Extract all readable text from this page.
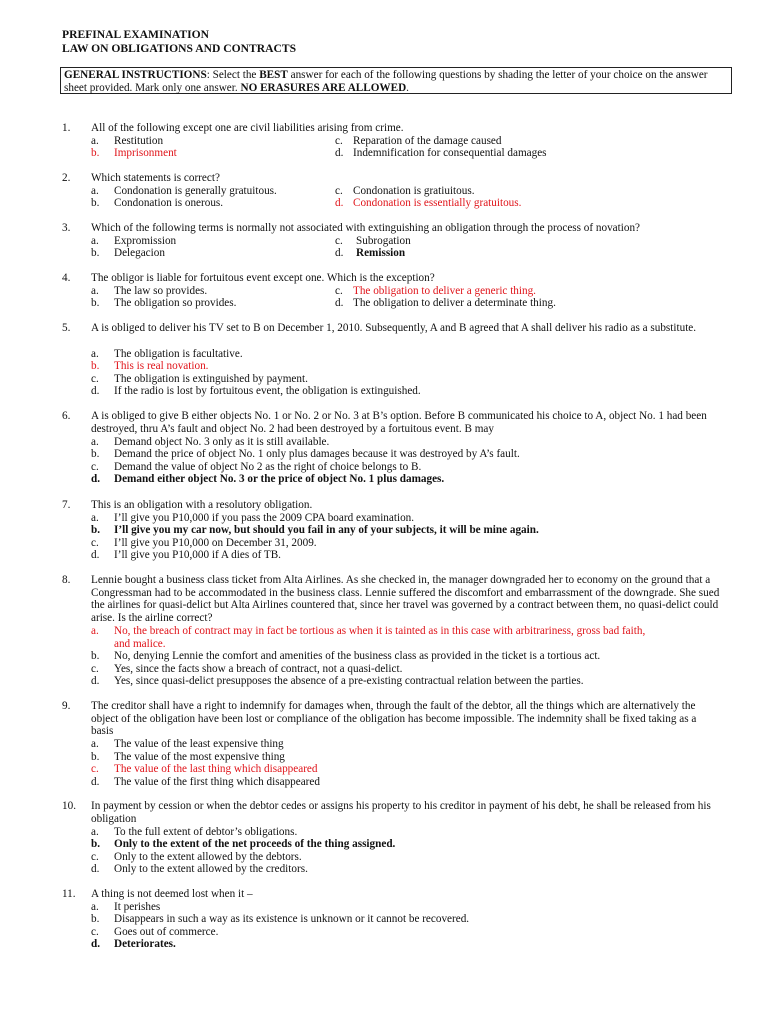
PREFINAL EXAMINATION
LAW ON OBLIGATIONS AND CONTRACTS
GENERAL INSTRUCTIONS: Select the BEST answer for each of the following questions by shading the letter of your choice on the answer sheet provided. Mark only one answer. NO ERASURES ARE ALLOWED.
1. All of the following except one are civil liabilities arising from crime.
a. Restitution
b. Imprisonment
c. Reparation of the damage caused
d. Indemnification for consequential damages
2. Which statements is correct?
a. Condonation is generally gratuitous.
b. Condonation is onerous.
c. Condonation is gratiuitous.
d. Condonation is essentially gratuitous.
3. Which of the following terms is normally not associated with extinguishing an obligation through the process of novation?
a. Expromission
b. Delegacion
c. Subrogation
d. Remission
4. The obligor is liable for fortuitous event except one. Which is the exception?
a. The law so provides.
b. The obligation so provides.
c. The obligation to deliver a generic thing.
d. The obligation to deliver a determinate thing.
5. A is obliged to deliver his TV set to B on December 1, 2010. Subsequently, A and B agreed that A shall deliver his radio as a substitute.
a. The obligation is facultative.
b. This is real novation.
c. The obligation is extinguished by payment.
d. If the radio is lost by fortuitous event, the obligation is extinguished.
6. A is obliged to give B either objects No. 1 or No. 2 or No. 3 at B’s option. Before B communicated his choice to A, object No. 1 had been destroyed, thru A’s fault and object No. 2 had been destroyed by a fortuitous event. B may
a. Demand object No. 3 only as it is still available.
b. Demand the price of object No. 1 only plus damages because it was destroyed by A’s fault.
c. Demand the value of object No 2 as the right of choice belongs to B.
d. Demand either object No. 3 or the price of object No. 1 plus damages.
7. This is an obligation with a resolutory obligation.
a. I’ll give you P10,000 if you pass the 2009 CPA board examination.
b. I’ll give you my car now, but should you fail in any of your subjects, it will be mine again.
c. I’ll give you P10,000 on December 31, 2009.
d. I’ll give you P10,000 if A dies of TB.
8. Lennie bought a business class ticket from Alta Airlines. As she checked in, the manager downgraded her to economy on the ground that a Congressman had to be accommodated in the business class. Lennie suffered the discomfort and embarrassment of the downgrade. She sued the airlines for quasi-delict but Alta Airlines countered that, since her travel was governed by a contract between them, no quasi-delict could arise. Is the airline correct?
a. No, the breach of contract may in fact be tortious as when it is tainted as in this case with arbitrariness, gross bad faith,
and malice.
b. No, denying Lennie the comfort and amenities of the business class as provided in the ticket is a tortious act.
c. Yes, since the facts show a breach of contract, not a quasi-delict.
d. Yes, since quasi-delict presupposes the absence of a pre-existing contractual relation between the parties.
9. The creditor shall have a right to indemnify for damages when, through the fault of the debtor, all the things which are alternatively the object of the obligation have been lost or compliance of the obligation has become impossible. The indemnity shall be fixed taking as a basis
a. The value of the least expensive thing
b. The value of the most expensive thing
c. The value of the last thing which disappeared
d. The value of the first thing which disappeared
10. In payment by cession or when the debtor cedes or assigns his property to his creditor in payment of his debt, he shall be released from his obligation
a. To the full extent of debtor’s obligations.
b. Only to the extent of the net proceeds of the thing assigned.
c. Only to the extent allowed by the debtors.
d. Only to the extent allowed by the creditors.
11. A thing is not deemed lost when it –
a. It perishes
b. Disappears in such a way as its existence is unknown or it cannot be recovered.
c. Goes out of commerce.
d. Deteriorates.
